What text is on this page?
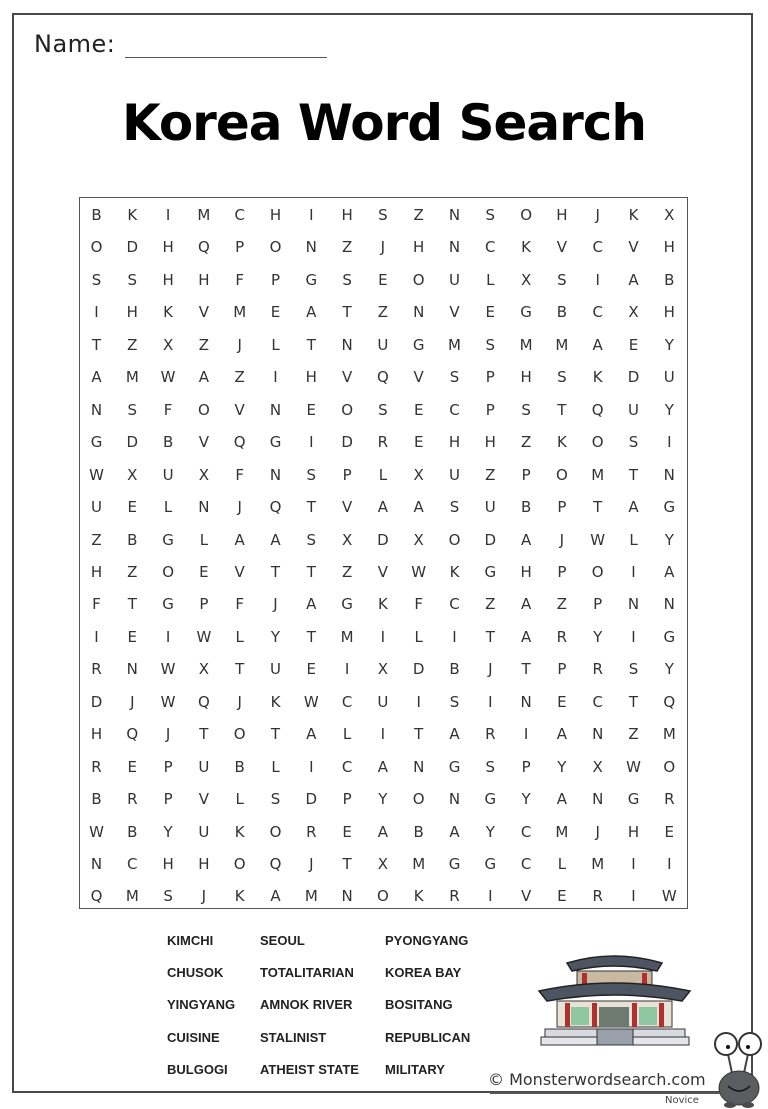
Name:
Korea Word Search
B	K	I	M	C	H	I	H	S	Z	N	S	O	H	J	K	X
O	D	H	Q	P	O	N	Z	J	H	N	C	K	V	C	V	H
S	S	H	H	F	P	G	S	E	O	U	L	X	S	I	A	B
I	H	K	V	M	E	A	T	Z	N	V	E	G	B	C	X	H
T	Z	X	Z	J	L	T	N	U	G	M	S	M	M	A	E	Y
A	M	W	A	Z	I	H	V	Q	V	S	P	H	S	K	D	U
N	S	F	O	V	N	E	O	S	E	C	P	S	T	Q	U	Y
G	D	B	V	Q	G	I	D	R	E	H	H	Z	K	O	S	I
W	X	U	X	F	N	S	P	L	X	U	Z	P	O	M	T	N
U	E	L	N	J	Q	T	V	A	A	S	U	B	P	T	A	G
Z	B	G	L	A	A	S	X	D	X	O	D	A	J	W	L	Y
H	Z	O	E	V	T	T	Z	V	W	K	G	H	P	O	I	A
F	T	G	P	F	J	A	G	K	F	C	Z	A	Z	P	N	N
I	E	I	W	L	Y	T	M	I	L	I	T	A	R	Y	I	G
R	N	W	X	T	U	E	I	X	D	B	J	T	P	R	S	Y
D	J	W	Q	J	K	W	C	U	I	S	I	N	E	C	T	Q
H	Q	J	T	O	T	A	L	I	T	A	R	I	A	N	Z	M
R	E	P	U	B	L	I	C	A	N	G	S	P	Y	X	W	O
B	R	P	V	L	S	D	P	Y	O	N	G	Y	A	N	G	R
W	B	Y	U	K	O	R	E	A	B	A	Y	C	M	J	H	E
N	C	H	H	O	Q	J	T	X	M	G	G	C	L	M	I	I
Q	M	S	J	K	A	M	N	O	K	R	I	V	E	R	I	W
© Monsterwordsearch.com
Novice
KIMCHI
CHUSOK
YINGYANG
CUISINE
BULGOGI
SEOUL
TOTALITARIAN
AMNOK RIVER
STALINIST
ATHEIST STATE
PYONGYANG
KOREA BAY
BOSITANG
REPUBLICAN
MILITARY
